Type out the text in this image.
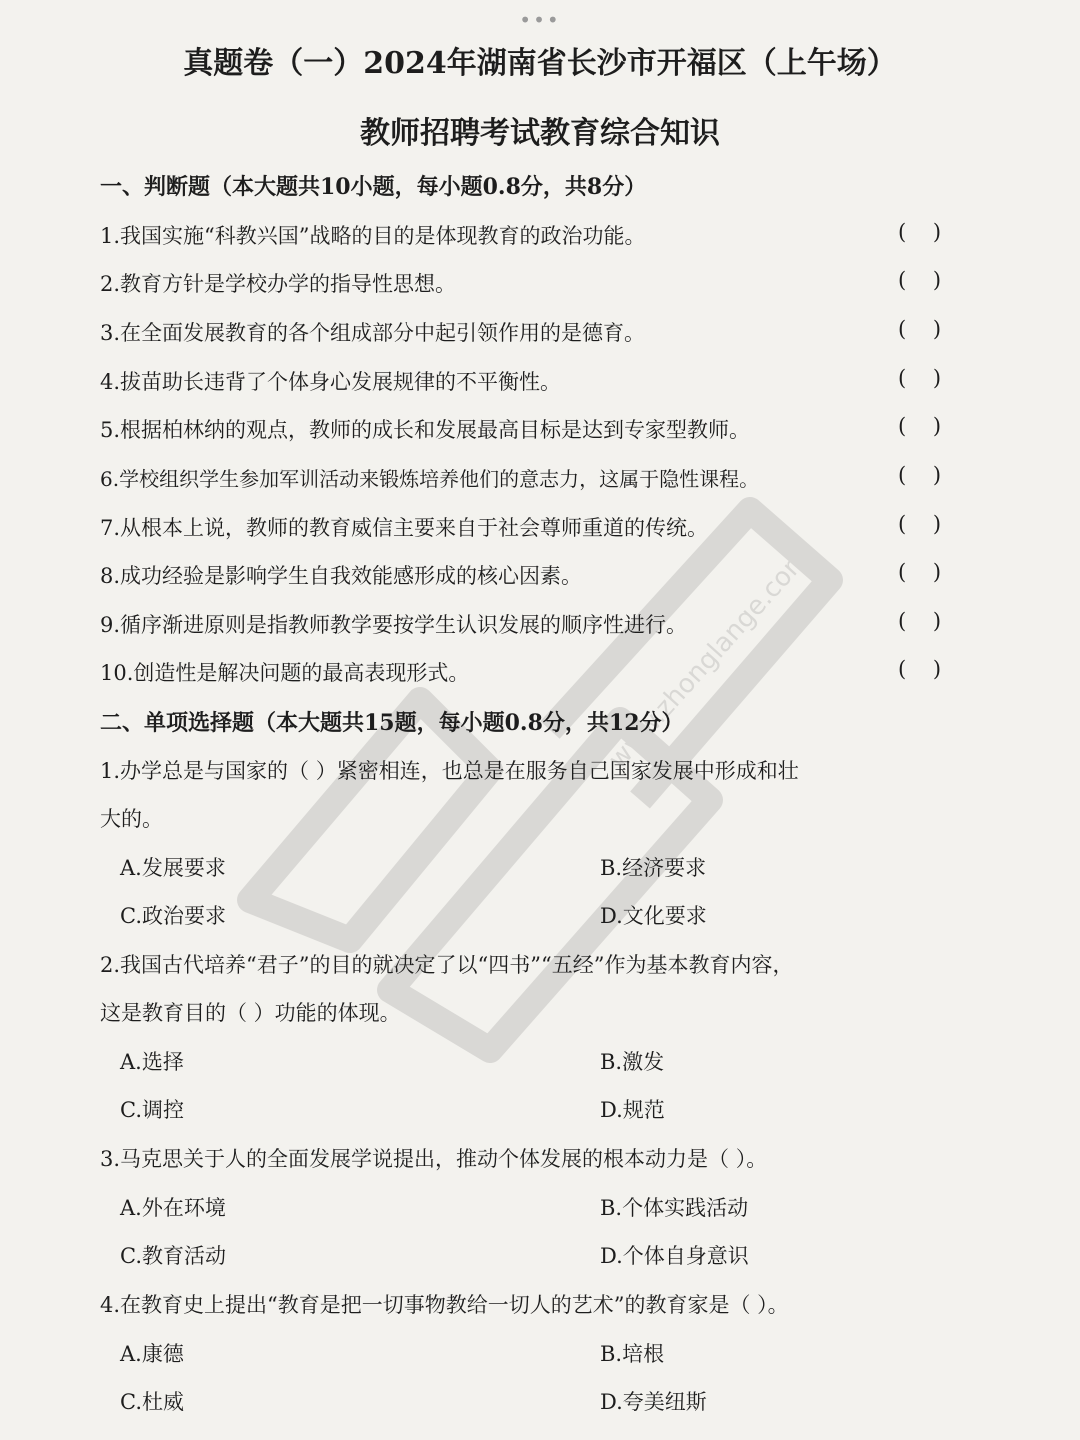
•••
www.zhonglange.com
真题卷（一）2024年湖南省长沙市开福区（上午场）
教师招聘考试教育综合知识
一、判断题（本大题共10小题，每小题0.8分，共8分）
1.我国实施“科教兴国”战略的目的是体现教育的政治功能。	(    )
2.教育方针是学校办学的指导性思想。	(    )
3.在全面发展教育的各个组成部分中起引领作用的是德育。	(    )
4.拔苗助长违背了个体身心发展规律的不平衡性。	(    )
5.根据柏林纳的观点，教师的成长和发展最高目标是达到专家型教师。	(    )
6.学校组织学生参加军训活动来锻炼培养他们的意志力，这属于隐性课程。	(    )
7.从根本上说，教师的教育威信主要来自于社会尊师重道的传统。	(    )
8.成功经验是影响学生自我效能感形成的核心因素。	(    )
9.循序渐进原则是指教师教学要按学生认识发展的顺序性进行。	(    )
10.创造性是解决问题的最高表现形式。	(    )
二、单项选择题（本大题共15题，每小题0.8分，共12分）
1.办学总是与国家的（ ）紧密相连，也总是在服务自己国家发展中形成和壮
大的。
A.发展要求	B.经济要求
C.政治要求	D.文化要求
2.我国古代培养“君子”的目的就决定了以“四书”“五经”作为基本教育内容，
这是教育目的（ ）功能的体现。
A.选择	B.激发
C.调控	D.规范
3.马克思关于人的全面发展学说提出，推动个体发展的根本动力是（ ）。
A.外在环境	B.个体实践活动
C.教育活动	D.个体自身意识
4.在教育史上提出“教育是把一切事物教给一切人的艺术”的教育家是（ ）。
A.康德	B.培根
C.杜威	D.夸美纽斯
